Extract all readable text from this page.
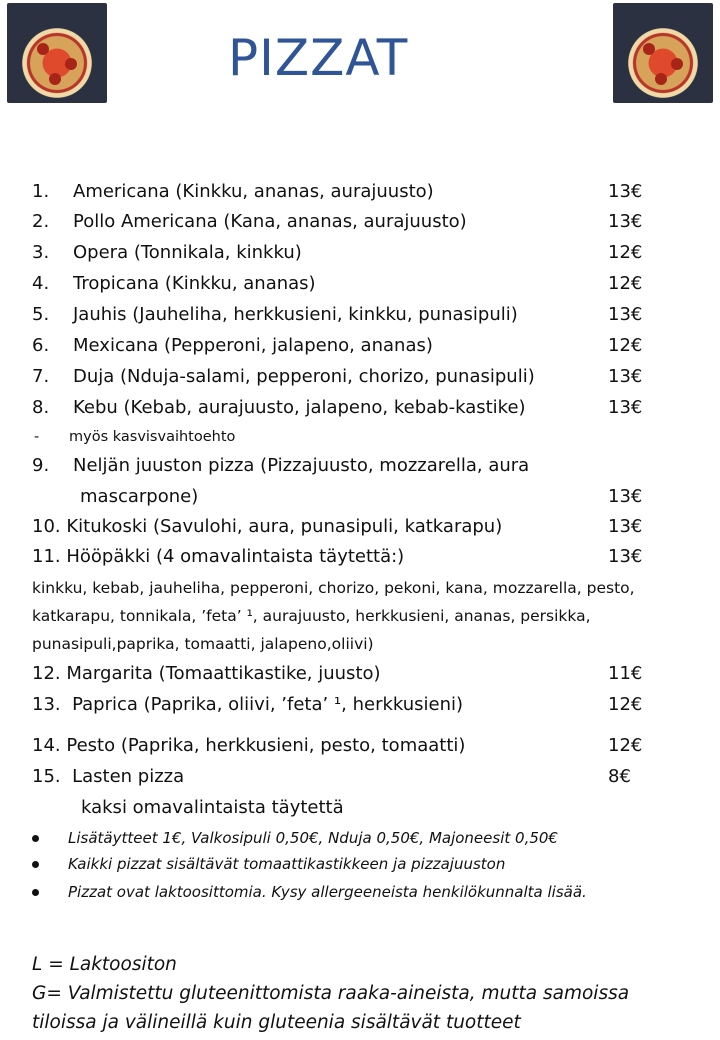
PIZZAT
1. Americana (Kinkku, ananas, aurajuusto)	13€
2. Pollo Americana (Kana, ananas, aurajuusto)	13€
3. Opera (Tonnikala, kinkku)	12€
4. Tropicana (Kinkku, ananas)	12€
5. Jauhis (Jauheliha, herkkusieni, kinkku, punasipuli)	13€
6. Mexicana (Pepperoni, jalapeno, ananas)	12€
7. Duja (Nduja-salami, pepperoni, chorizo, punasipuli)	13€
8. Kebu (Kebab, aurajuusto, jalapeno, kebab-kastike)	13€
- myös kasvisvaihtoehto
9. Neljän juuston pizza (Pizzajuusto, mozzarella, aura
mascarpone)	13€
10. Kitukoski (Savulohi, aura, punasipuli, katkarapu)	13€
11. Hööpäkki (4 omavalintaista täytettä:)	13€
kinkku, kebab, jauheliha, pepperoni, chorizo, pekoni, kana, mozzarella, pesto,
katkarapu, tonnikala, ’feta’ ¹, aurajuusto, herkkusieni, ananas, persikka,
punasipuli,paprika, tomaatti, jalapeno,oliivi)
12. Margarita (Tomaattikastike, juusto)	11€
13. Paprica (Paprika, oliivi, ’feta’ ¹, herkkusieni)	12€
14. Pesto (Paprika, herkkusieni, pesto, tomaatti)	12€
15. Lasten pizza	8€
kaksi omavalintaista täytettä
Lisätäytteet 1€, Valkosipuli 0,50€, Nduja 0,50€, Majoneesit 0,50€
Kaikki pizzat sisältävät tomaattikastikkeen ja pizzajuuston
Pizzat ovat laktoosittomia. Kysy allergeeneista henkilökunnalta lisää.
L = Laktoositon
G= Valmistettu gluteenittomista raaka-aineista, mutta samoissa
tiloissa ja välineillä kuin gluteenia sisältävät tuotteet
